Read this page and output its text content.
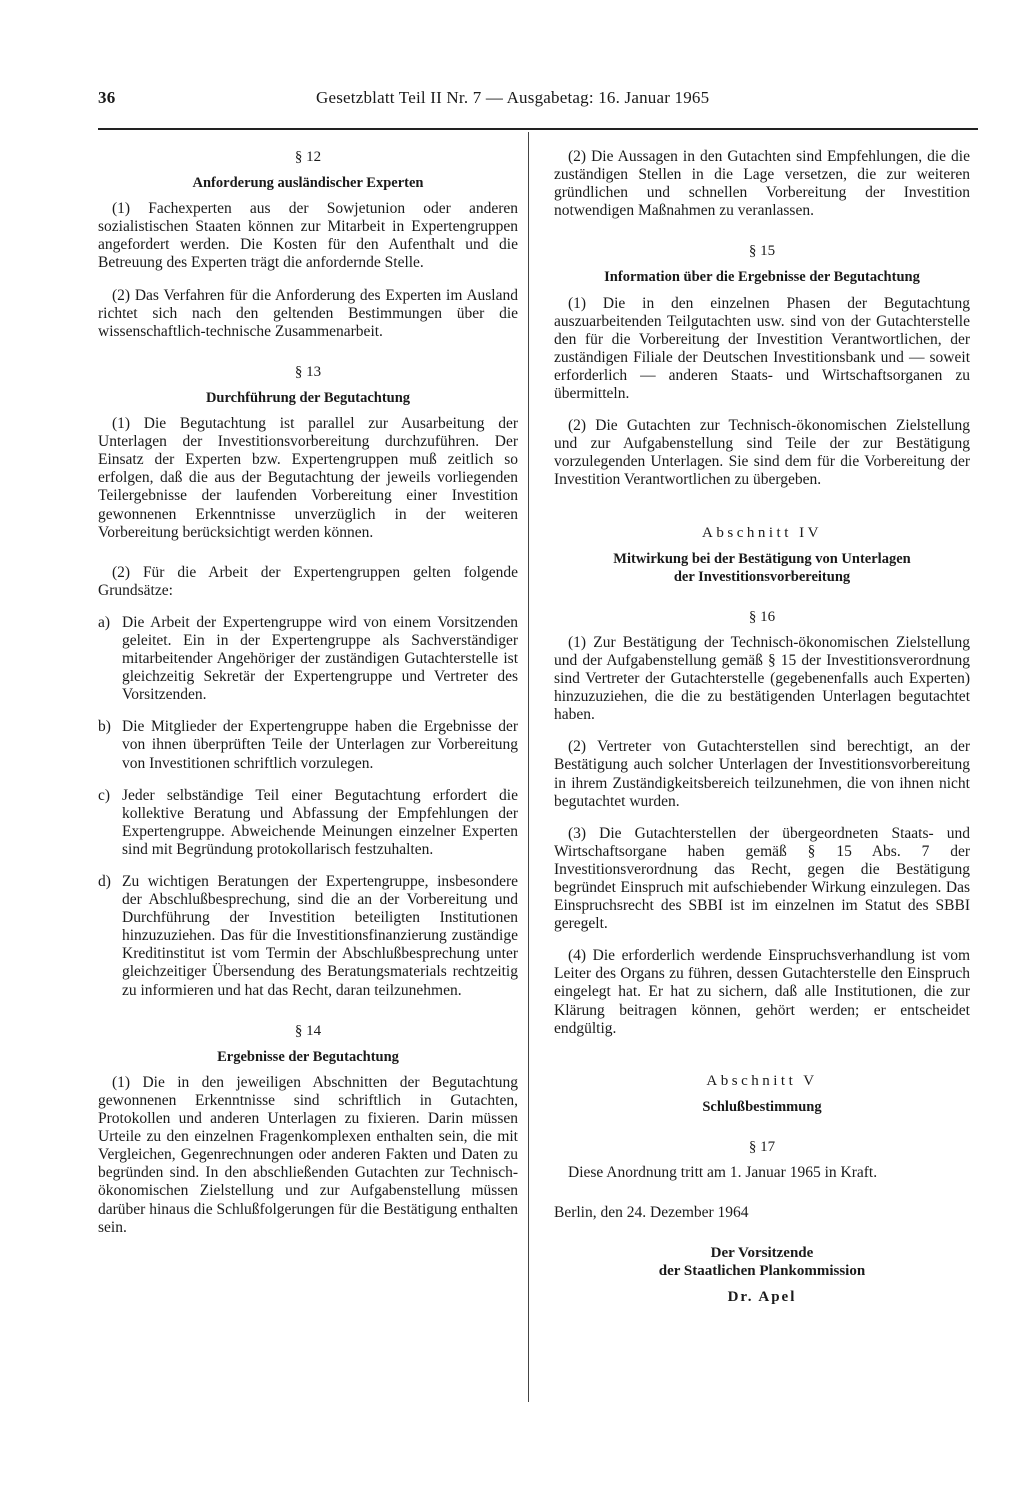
36	Gesetzblatt Teil II Nr. 7 — Ausgabetag: 16. Januar 1965
§ 12
Anforderung ausländischer Experten

(1) Fachexperten aus der Sowjetunion oder anderen sozialistischen Staaten können zur Mitarbeit in Expertengruppen angefordert werden. Die Kosten für den Aufenthalt und die Betreuung des Experten trägt die anfordernde Stelle.

(2) Das Verfahren für die Anforderung des Experten im Ausland richtet sich nach den geltenden Bestimmungen über die wissenschaftlich-technische Zusammenarbeit.

§ 13
Durchführung der Begutachtung

(1) Die Begutachtung ist parallel zur Ausarbeitung der Unterlagen der Investitionsvorbereitung durchzuführen. Der Einsatz der Experten bzw. Expertengruppen muß zeitlich so erfolgen, daß die aus der Begutachtung der jeweils vorliegenden Teilergebnisse der laufenden Vorbereitung einer Investition gewonnenen Erkenntnisse unverzüglich in der weiteren Vorbereitung berücksichtigt werden können.

(2) Für die Arbeit der Expertengruppen gelten folgende Grundsätze:

a) Die Arbeit der Expertengruppe wird von einem Vorsitzenden geleitet. Ein in der Expertengruppe als Sachverständiger mitarbeitender Angehöriger der zuständigen Gutachterstelle ist gleichzeitig Sekretär der Expertengruppe und Vertreter des Vorsitzenden.
b) Die Mitglieder der Expertengruppe haben die Ergebnisse der von ihnen überprüften Teile der Unterlagen zur Vorbereitung von Investitionen schriftlich vorzulegen.
c) Jeder selbständige Teil einer Begutachtung erfordert die kollektive Beratung und Abfassung der Empfehlungen der Expertengruppe. Abweichende Meinungen einzelner Experten sind mit Begründung protokollarisch festzuhalten.
d) Zu wichtigen Beratungen der Expertengruppe, insbesondere der Abschlußbesprechung, sind die an der Vorbereitung und Durchführung der Investition beteiligten Institutionen hinzuzuziehen. Das für die Investitionsfinanzierung zuständige Kreditinstitut ist vom Termin der Abschlußbesprechung unter gleichzeitiger Übersendung des Beratungsmaterials rechtzeitig zu informieren und hat das Recht, daran teilzunehmen.
§ 14
Ergebnisse der Begutachtung

(1) Die in den jeweiligen Abschnitten der Begutachtung gewonnenen Erkenntnisse sind schriftlich in Gutachten, Protokollen und anderen Unterlagen zu fixieren. Darin müssen Urteile zu den einzelnen Fragenkomplexen enthalten sein, die mit Vergleichen, Gegenrechnungen oder anderen Fakten und Daten zu begründen sind. In den abschließenden Gutachten zur Technisch-ökonomischen Zielstellung und zur Aufgabenstellung müssen darüber hinaus die Schlußfolgerungen für die Bestätigung enthalten sein.

(2) Die Aussagen in den Gutachten sind Empfehlungen, die die zuständigen Stellen in die Lage versetzen, die zur weiteren gründlichen und schnellen Vorbereitung der Investition notwendigen Maßnahmen zu veranlassen.

§ 15
Information über die Ergebnisse der Begutachtung

(1) Die in den einzelnen Phasen der Begutachtung auszuarbeitenden Teilgutachten usw. sind von der Gutachterstelle den für die Vorbereitung der Investition Verantwortlichen, der zuständigen Filiale der Deutschen Investitionsbank und — soweit erforderlich — anderen Staats- und Wirtschaftsorganen zu übermitteln.

(2) Die Gutachten zur Technisch-ökonomischen Zielstellung und zur Aufgabenstellung sind Teile der zur Bestätigung vorzulegenden Unterlagen. Sie sind dem für die Vorbereitung der Investition Verantwortlichen zu übergeben.

Abschnitt IV
Mitwirkung bei der Bestätigung von Unterlagen
der Investitionsvorbereitung
§ 16

(1) Zur Bestätigung der Technisch-ökonomischen Zielstellung und der Aufgabenstellung gemäß § 15 der Investitionsverordnung sind Vertreter der Gutachterstelle (gegebenenfalls auch Experten) hinzuzuziehen, die die zu bestätigenden Unterlagen begutachtet haben.

(2) Vertreter von Gutachterstellen sind berechtigt, an der Bestätigung auch solcher Unterlagen der Investitionsvorbereitung in ihrem Zuständigkeitsbereich teilzunehmen, die von ihnen nicht begutachtet wurden.

(3) Die Gutachterstellen der übergeordneten Staats- und Wirtschaftsorgane haben gemäß § 15 Abs. 7 der Investitionsverordnung das Recht, gegen die Bestätigung begründet Einspruch mit aufschiebender Wirkung einzulegen. Das Einspruchsrecht des SBBI ist im einzelnen im Statut des SBBI geregelt.

(4) Die erforderlich werdende Einspruchsverhandlung ist vom Leiter des Organs zu führen, dessen Gutachterstelle den Einspruch eingelegt hat. Er hat zu sichern, daß alle Institutionen, die zur Klärung beitragen können, gehört werden; er entscheidet endgültig.

Abschnitt V
Schlußbestimmung
§ 17

Diese Anordnung tritt am 1. Januar 1965 in Kraft.

Berlin, den 24. Dezember 1964

Der Vorsitzende
der Staatlichen Plankommission
Dr. Apel
